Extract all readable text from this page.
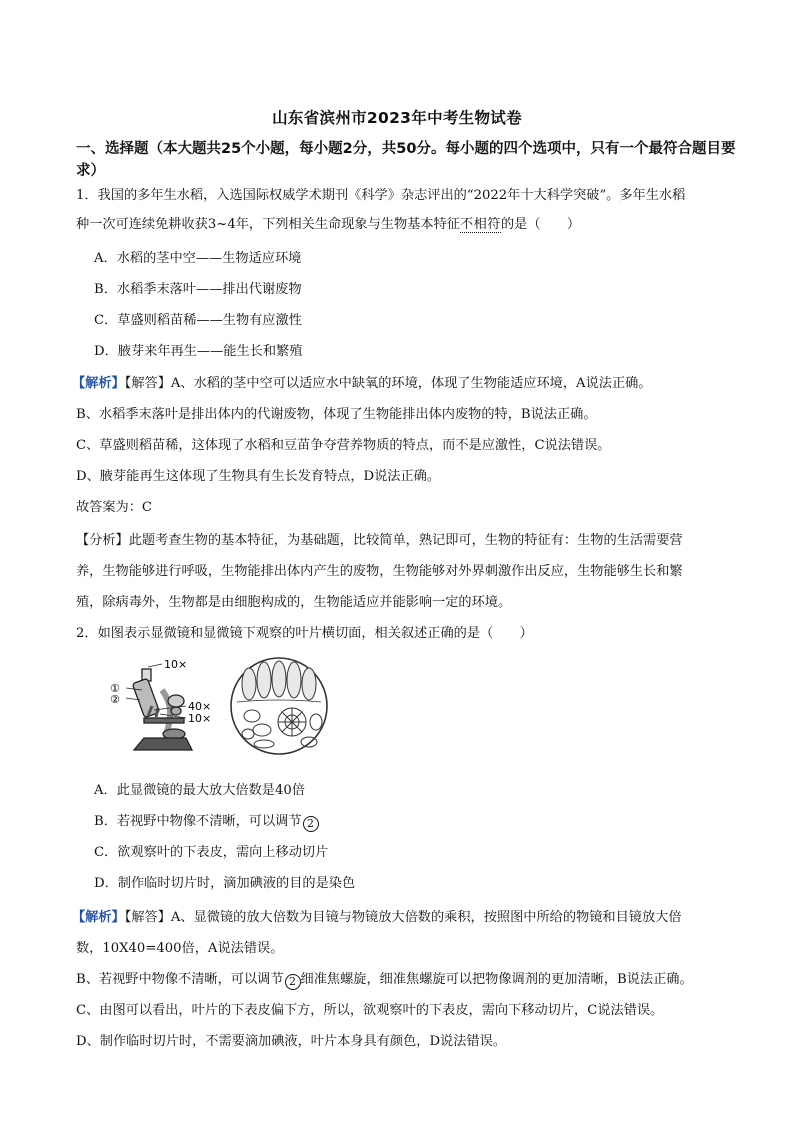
山东省滨州市2023年中考生物试卷
一、选择题（本大题共25个小题，每小题2分，共50分。每小题的四个选项中，只有一个最符合题目要求）
1．我国的多年生水稻，入选国际权威学术期刊《科学》杂志评出的“2022年十大科学突破”。多年生水稻
种一次可连续免耕收获3~4年，下列相关生命现象与生物基本特征不相符的是（　　）
A．水稻的茎中空——生物适应环境
B．水稻季末落叶——排出代谢废物
C．草盛则稻苗稀——生物有应激性
D．腋芽来年再生——能生长和繁殖
【解析】【解答】A、水稻的茎中空可以适应水中缺氧的环境，体现了生物能适应环境，A说法正确。
B、水稻季末落叶是排出体内的代谢废物，体现了生物能排出体内废物的特，B说法正确。
C、草盛则稻苗稀，这体现了水稻和豆苗争夺营养物质的特点，而不是应激性，C说法错误。
D、腋芽能再生这体现了生物具有生长发育特点，D说法正确。
故答案为：C
【分析】此题考查生物的基本特征，为基础题，比较简单，熟记即可，生物的特征有：生物的生活需要营
养，生物能够进行呼吸，生物能排出体内产生的废物，生物能够对外界刺激作出反应，生物能够生长和繁
殖，除病毒外，生物都是由细胞构成的，生物能适应并能影响一定的环境。
2．如图表示显微镜和显微镜下观察的叶片横切面，相关叙述正确的是（　　）
10×
①
②
40×
10×
A．此显微镜的最大放大倍数是40倍
B．若视野中物像不清晰，可以调节 2
C．欲观察叶的下表皮，需向上移动切片
D．制作临时切片时，滴加碘液的目的是染色
【解析】【解答】A、显微镜的放大倍数为目镜与物镜放大倍数的乘积，按照图中所给的物镜和目镜放大倍
数，10X40=400倍，A说法错误。
B、若视野中物像不清晰，可以调节 2 细准焦螺旋，细准焦螺旋可以把物像调剂的更加清晰，B说法正确。
C、由图可以看出，叶片的下表皮偏下方，所以，欲观察叶的下表皮，需向下移动切片，C说法错误。
D、制作临时切片时，不需要滴加碘液，叶片本身具有颜色，D说法错误。
